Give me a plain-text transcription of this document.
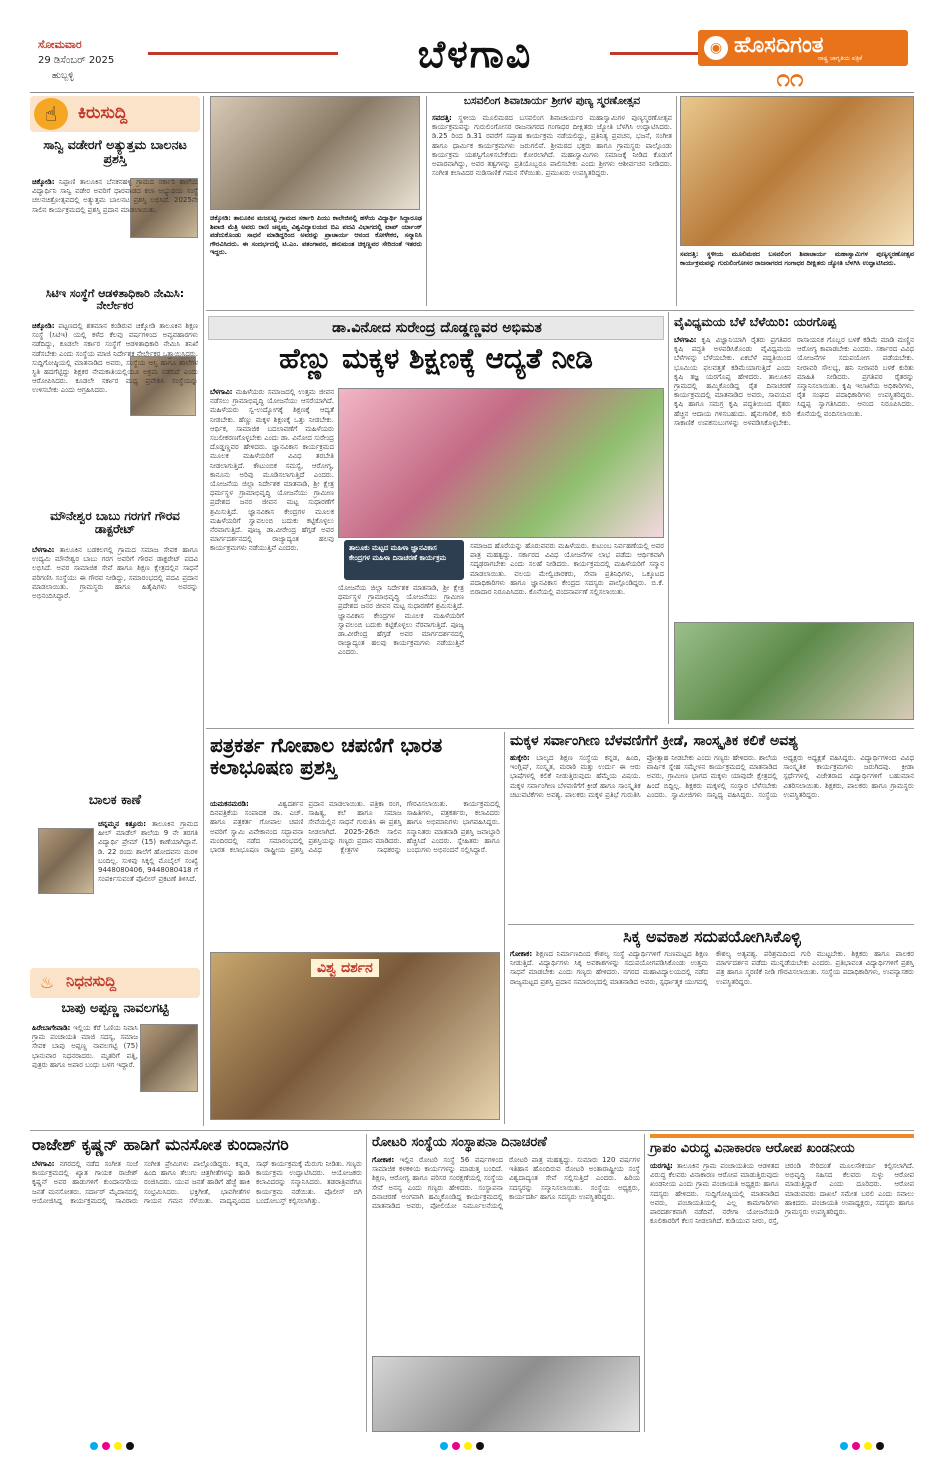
ಸೋಮವಾರ
29 ಡಿಸೆಂಬರ್ 2025
ಹುಬ್ಬಳ್ಳಿ	ಬೆಳಗಾವಿ	◉ ಹೊಸದಿಗಂತ
ರಾಷ್ಟ್ರ ಜಾಗೃತಿಯ ಪತ್ರಿಕೆ
೧೧
☝	ಕಿರುಸುದ್ದಿ
ಸಾನ್ವಿ ವಡೇರಗೆ ಅತ್ಯುತ್ತಮ ಬಾಲನಟ ಪ್ರಶಸ್ತಿ
ಚಿಕ್ಕೋಡಿ: ನಿಪ್ಪಾಣಿ ತಾಲೂಕಿನ ಬೆನಕನಹಳ್ಳಿ ಗ್ರಾಮದ ಸರ್ಕಾರಿ ಶಾಲೆಯ ವಿದ್ಯಾರ್ಥಿನಿ ಸಾನ್ವಿ ವಡೇರ ಅವರಿಗೆ ಧಾರವಾಡದ ಕಲಾ ಅಭ್ಯುದಯ ಸಂಸ್ಥೆ ಚಲನಚಿತ್ರೋತ್ಸವದಲ್ಲಿ ಅತ್ಯುತ್ತಮ ಬಾಲನಟ ಪ್ರಶಸ್ತಿ ಲಭಿಸಿದೆ. 2025ನೇ ಸಾಲಿನ ಕಾರ್ಯಕ್ರಮದಲ್ಲಿ ಪ್ರಶಸ್ತಿ ಪ್ರದಾನ ಮಾಡಲಾಯಿತು.
ಸಿಟಿಇ ಸಂಸ್ಥೆಗೆ ಆಡಳಿತಾಧಿಕಾರಿ ನೇಮಿಸಿ: ನೇರ್ಲೇಕರ
ಚಿಕ್ಕೋಡಿ: ಪಟ್ಟಣದಲ್ಲಿ ಶತಮಾನ ಕಂಡಿರುವ ಚಿಕ್ಕೋಡಿ ತಾಲೂಕಿನ ಶಿಕ್ಷಣ ಸಂಸ್ಥೆ (ಸಿಟಿಇ) ಯಲ್ಲಿ ಕಳೆದ ಕೆಲವು ವರ್ಷಗಳಿಂದ ಅವ್ಯವಹಾರಗಳು ನಡೆದಿದ್ದು, ಕೂಡಲೇ ಸರ್ಕಾರ ಸಂಸ್ಥೆಗೆ ಆಡಳಿತಾಧಿಕಾರಿ ನೇಮಿಸಿ ತನಿಖೆ ನಡೆಸಬೇಕು ಎಂದು ಸಂಸ್ಥೆಯ ಮಾಜಿ ನಿರ್ದೇಶಕ ನೇರ್ಲೇಕರ ಒತ್ತಾಯಿಸಿದರು. ಸುದ್ದಿಗೋಷ್ಠಿಯಲ್ಲಿ ಮಾತನಾಡಿದ ಅವರು, ಸಂಸ್ಥೆಯ ಆಸ್ತಿ ಹಾಗೂ ಶಾಲೆಗಳ ಸ್ಥಿತಿ ಹದಗೆಟ್ಟಿದ್ದು ಶಿಕ್ಷಕರ ನೇಮಕಾತಿಯಲ್ಲಿಯೂ ಅಕ್ರಮ ನಡೆದಿದೆ ಎಂದು ಆರೋಪಿಸಿದರು. ಕೂಡಲೇ ಸರ್ಕಾರ ಮಧ್ಯ ಪ್ರವೇಶಿಸಿ ಸಂಸ್ಥೆಯನ್ನು ಉಳಿಸಬೇಕು ಎಂದು ಆಗ್ರಹಿಸಿದರು.
ಮೌನೇಶ್ವರ ಬಾಬು ಗರಗಗೆ ಗೌರವ ಡಾಕ್ಟರೇಟ್
ಬೆಳಗಾವಿ: ತಾಲೂಕಿನ ಬಡಕಲಗಲ್ಲಿ ಗ್ರಾಮದ ಸಮಾಜ ಸೇವಕ ಹಾಗೂ ಉದ್ಯಮಿ ಮೌನೇಶ್ವರ ಬಾಬು ಗರಗ ಅವರಿಗೆ ಗೌರವ ಡಾಕ್ಟರೇಟ್ ಪದವಿ ಲಭಿಸಿದೆ. ಅವರ ಸಾಮಾಜಿಕ ಸೇವೆ ಹಾಗೂ ಶಿಕ್ಷಣ ಕ್ಷೇತ್ರದಲ್ಲಿನ ಸಾಧನೆ ಪರಿಗಣಿಸಿ ಸಂಸ್ಥೆಯು ಈ ಗೌರವ ನೀಡಿದ್ದು, ಸಮಾರಂಭದಲ್ಲಿ ಪದವಿ ಪ್ರದಾನ ಮಾಡಲಾಯಿತು. ಗ್ರಾಮಸ್ಥರು ಹಾಗೂ ಹಿತೈಷಿಗಳು ಅವರನ್ನು ಅಭಿನಂದಿಸಿದ್ದಾರೆ.
ಬಾಲಕ ಕಾಣೆ
ಚನ್ನಮ್ಮನ ಕಿತ್ತೂರು: ತಾಲೂಕಿನ ಗ್ರಾಮದ ಹೀಲ್ ಮಾಡೆಲ್ ಶಾಲೆಯ 9 ನೇ ತರಗತಿ ವಿದ್ಯಾರ್ಥಿ ಪ್ರೇಮ್ (15) ಕಾಣೆಯಾಗಿದ್ದಾನೆ. ಡಿ. 22 ರಂದು ಶಾಲೆಗೆ ಹೋದವನು ಮರಳಿ ಬಂದಿಲ್ಲ. ಸುಳಿವು ಸಿಕ್ಕಲ್ಲಿ ಮೊಬೈಲ್ ಸಂಖ್ಯೆ 9448080406, 9448080418 ಗೆ ಸಂಪರ್ಕಿಸುವಂತೆ ಪೊಲೀಸ್ ಪ್ರಕಟಣೆ ತಿಳಿಸಿದೆ.
♨ ನಿಧನಸುದ್ದಿ
ಬಾಪು ಅಪ್ಪಣ್ಣ ನಾವಲಗಟ್ಟಿ
ಹಿರೇಬಾಗೇವಾಡಿ: ಇಲ್ಲಿಯ ಕೆರೆ ಓಣಿಯ ನಿವಾಸಿ ಗ್ರಾಮ ಪಂಚಾಯತಿ ಮಾಜಿ ಸದಸ್ಯ, ಸಮಾಜ ಸೇವಕ ಬಾಪು ಅಪ್ಪಣ್ಣ ನಾವಲಗಟ್ಟಿ (75) ಭಾನುವಾರ ನಿಧನರಾದರು. ಮೃತರಿಗೆ ಪತ್ನಿ, ಪುತ್ರರು ಹಾಗೂ ಅಪಾರ ಬಂಧು ಬಳಗ ಇದ್ದಾರೆ.
ಚಿಕ್ಕೋಡಿ: ತಾಲೂಕಿನ ಮಜಲಟ್ಟಿ ಗ್ರಾಮದ ಸರ್ಕಾರಿ ಪಿಯು ಕಾಲೇಜಿನಲ್ಲಿ ಹಳೆಯ ವಿದ್ಯಾರ್ಥಿ ಸಿದ್ದಾರೂಢ ಶಿವಾಜಿ ಮೆತ್ರಿ ಅವರು ರಾಣಿ ಚನ್ನಮ್ಮ ವಿಶ್ವವಿದ್ಯಾಲಯದ ಬಿಎ ಪದವಿ ವಿಭಾಗದಲ್ಲಿ ಟಾಪ್ ರ್ಯಾಂಕ್ ಪಡೆದುಕೊಂಡು ಸಾಧನೆ ಮಾಡಿದ್ದರಿಂದ ಅವರನ್ನು ಪ್ರಾಚಾರ್ಯ ಆನಂದ ಕೋಳೇಕರ, ಸನ್ಮಾನಿಸಿ ಗೌರವಿಸಿದರು. ಈ ಸಂದರ್ಭದಲ್ಲಿ ಟಿ.ಎಂ. ಪತಂಗಾವರ, ಹನುಮಂತ ಚಿಕ್ಕಣ್ಣವರ ಸೇರಿದಂತೆ ಇತರರು ಇದ್ದರು.
ಬಸವಲಿಂಗ ಶಿವಾಚಾರ್ಯ ಶ್ರೀಗಳ ಪುಣ್ಯ ಸ್ಮರಣೋತ್ಸವ
ಸವದತ್ತಿ: ಸ್ಥಳೀಯ ಮೂಲಿಮಠದ ಬಸವಲಿಂಗ ಶಿವಾಚಾರ್ಯರ ಮಹಾಸ್ವಾಮಿಗಳ ಪುಣ್ಯಸ್ಮರಣೋತ್ಸವ ಕಾರ್ಯಕ್ರಮವನ್ನು ಗುರುಲಿಂಗೋಸರ ರಾಜನಾಗರದ ಗಂಗಾಧರ ದೀಕ್ಷಿತರು ಜ್ಯೋತಿ ಬೆಳಗಿಸಿ ಉದ್ಘಾಟಿಸಿದರು. ಡಿ.25 ರಿಂದ ಡಿ.31 ರವರೆಗೆ ಸಪ್ತಾಹ ಕಾರ್ಯಕ್ರಮ ನಡೆಯಲಿದ್ದು, ಪ್ರತಿನಿತ್ಯ ಪ್ರವಚನ, ಭಜನೆ, ಸಂಗೀತ ಹಾಗೂ ಧಾರ್ಮಿಕ ಕಾರ್ಯಕ್ರಮಗಳು ಜರುಗಲಿವೆ. ಶ್ರೀಮಠದ ಭಕ್ತರು ಹಾಗೂ ಗ್ರಾಮಸ್ಥರು ಪಾಲ್ಗೊಂಡು ಕಾರ್ಯಕ್ರಮ ಯಶಸ್ವಿಗೊಳಿಸಬೇಕೆಂದು ಕೋರಲಾಗಿದೆ. ಮಹಾಸ್ವಾಮಿಗಳು ಸಮಾಜಕ್ಕೆ ನೀಡಿದ ಕೊಡುಗೆ ಅಪಾರವಾಗಿದ್ದು, ಅವರ ತತ್ವಗಳನ್ನು ಪ್ರತಿಯೊಬ್ಬರೂ ಪಾಲಿಸಬೇಕು ಎಂದು ಶ್ರೀಗಳು ಆಶೀರ್ವಚನ ನೀಡಿದರು. ಸಂಗೀತ ಕಲಾವಿದರ ನುಡಿಸಾಣಿಕೆ ಗಮನ ಸೆಳೆಯಿತು. ಪ್ರಮುಖರು ಉಪಸ್ಥಿತರಿದ್ದರು.
ಸವದತ್ತಿ: ಸ್ಥಳೀಯ ಮೂಲಿಮಠದ ಬಸವಲಿಂಗ ಶಿವಾಚಾರ್ಯ ಮಹಾಸ್ವಾಮಿಗಳ ಪುಣ್ಯಸ್ಮರಣೋತ್ಸವ ಕಾರ್ಯಕ್ರಮವನ್ನು ಗುರುಲಿಂಗೋಸರ ರಾಜನಾಗರದ ಗಂಗಾಧರ ದೀಕ್ಷಿತರು ಜ್ಯೋತಿ ಬೆಳಗಿಸಿ ಉದ್ಘಾಟಿಸಿದರು.
ಡಾ.ವಿನೋದ ಸುರೇಂದ್ರ ದೊಡ್ಡಣ್ಣವರ ಅಭಿಮತ
ಹೆಣ್ಣು ಮಕ್ಕಳ ಶಿಕ್ಷಣಕ್ಕೆ ಆದ್ಯತೆ ನೀಡಿ
ಬೆಳಗಾವಿ: ಮಹಿಳೆಯರು ಸಮಾಜದಲ್ಲಿ ಉತ್ತಮ ಜೀವನ ನಡೆಸಲು ಗ್ರಾಮಾಭಿವೃದ್ಧಿ ಯೋಜನೆಯು ಆಸರೆಯಾಗಿದೆ. ಮಹಿಳೆಯರು ಸ್ವ-ಉದ್ಯೋಗಕ್ಕೆ ಶಿಕ್ಷಣಕ್ಕೆ ಆದ್ಯತೆ ನೀಡಬೇಕು. ಹೆಣ್ಣು ಮಕ್ಕಳ ಶಿಕ್ಷಣಕ್ಕೆ ಒತ್ತು ನೀಡಬೇಕು. ಆರ್ಥಿಕ, ಸಾಮಾಜಿಕ ಬದಲಾವಣೆಗೆ ಮಹಿಳೆಯರು ಸಬಲೀಕರಣಗೊಳ್ಳಬೇಕು ಎಂದು ಡಾ. ವಿನೋದ ಸುರೇಂದ್ರ ದೊಡ್ಡಣ್ಣವರ ಹೇಳಿದರು. ಜ್ಞಾನವಿಕಾಸ ಕಾರ್ಯಕ್ರಮದ ಮೂಲಕ ಮಹಿಳೆಯರಿಗೆ ವಿವಿಧ ತರಬೇತಿ ನೀಡಲಾಗುತ್ತಿದೆ. ಕೌಟುಂಬಿಕ ಸಮಸ್ಯೆ, ಆರೋಗ್ಯ, ಕಾನೂನು ಅರಿವು ಮೂಡಿಸಲಾಗುತ್ತಿದೆ ಎಂದರು. ಯೋಜನೆಯ ಜಿಲ್ಲಾ ನಿರ್ದೇಶಕ ಮಾತನಾಡಿ, ಶ್ರೀ ಕ್ಷೇತ್ರ ಧರ್ಮಸ್ಥಳ ಗ್ರಾಮಾಭಿವೃದ್ಧಿ ಯೋಜನೆಯು ಗ್ರಾಮೀಣ ಪ್ರದೇಶದ ಜನರ ಜೀವನ ಮಟ್ಟ ಸುಧಾರಣೆಗೆ ಶ್ರಮಿಸುತ್ತಿದೆ. ಜ್ಞಾನವಿಕಾಸ ಕೇಂದ್ರಗಳ ಮೂಲಕ ಮಹಿಳೆಯರಿಗೆ ಸ್ವಾವಲಂಬಿ ಬದುಕು ಕಟ್ಟಿಕೊಳ್ಳಲು ನೆರವಾಗುತ್ತಿದೆ. ಪೂಜ್ಯ ಡಾ.ವೀರೇಂದ್ರ ಹೆಗ್ಗಡೆ ಅವರ ಮಾರ್ಗದರ್ಶನದಲ್ಲಿ ರಾಜ್ಯಾದ್ಯಂತ ಹಲವು ಕಾರ್ಯಕ್ರಮಗಳು ನಡೆಯುತ್ತಿವೆ ಎಂದರು.	ತಾಲೂಕು ಮಟ್ಟದ ಮಹಿಳಾ ಜ್ಞಾನವಿಕಾಸ ಕೇಂದ್ರಗಳ ಮಹಿಳಾ ದಿನಾಚರಣೆ ಕಾರ್ಯಕ್ರಮ
ಸಮಾಜದ ಹೊರೆಯನ್ನು ಹೊರುವವರು ಮಹಿಳೆಯರು. ಕುಟುಂಬ ನಿರ್ವಹಣೆಯಲ್ಲಿ ಅವರ ಪಾತ್ರ ಮಹತ್ವದ್ದು. ಸರ್ಕಾರದ ವಿವಿಧ ಯೋಜನೆಗಳ ಲಾಭ ಪಡೆದು ಆರ್ಥಿಕವಾಗಿ ಸದೃಢರಾಗಬೇಕು ಎಂದು ಸಲಹೆ ನೀಡಿದರು. ಕಾರ್ಯಕ್ರಮದಲ್ಲಿ ಮಹಿಳೆಯರಿಗೆ ಸನ್ಮಾನ ಮಾಡಲಾಯಿತು. ವಲಯ ಮೇಲ್ವಿಚಾರಕರು, ಸೇವಾ ಪ್ರತಿನಿಧಿಗಳು, ಒಕ್ಕೂಟದ ಪದಾಧಿಕಾರಿಗಳು ಹಾಗೂ ಜ್ಞಾನವಿಕಾಸ ಕೇಂದ್ರದ ಸದಸ್ಯರು ಪಾಲ್ಗೊಂಡಿದ್ದರು. ಬಿ.ಕೆ. ಬಿರಾದಾರ ನಿರೂಪಿಸಿದರು. ಕೊನೆಯಲ್ಲಿ ವಂದನಾರ್ಪಣೆ ಸಲ್ಲಿಸಲಾಯಿತು.
ಯೋಜನೆಯ ಜಿಲ್ಲಾ ನಿರ್ದೇಶಕ ಮಾತನಾಡಿ, ಶ್ರೀ ಕ್ಷೇತ್ರ ಧರ್ಮಸ್ಥಳ ಗ್ರಾಮಾಭಿವೃದ್ಧಿ ಯೋಜನೆಯು ಗ್ರಾಮೀಣ ಪ್ರದೇಶದ ಜನರ ಜೀವನ ಮಟ್ಟ ಸುಧಾರಣೆಗೆ ಶ್ರಮಿಸುತ್ತಿದೆ. ಜ್ಞಾನವಿಕಾಸ ಕೇಂದ್ರಗಳ ಮೂಲಕ ಮಹಿಳೆಯರಿಗೆ ಸ್ವಾವಲಂಬಿ ಬದುಕು ಕಟ್ಟಿಕೊಳ್ಳಲು ನೆರವಾಗುತ್ತಿದೆ. ಪೂಜ್ಯ ಡಾ.ವೀರೇಂದ್ರ ಹೆಗ್ಗಡೆ ಅವರ ಮಾರ್ಗದರ್ಶನದಲ್ಲಿ ರಾಜ್ಯಾದ್ಯಂತ ಹಲವು ಕಾರ್ಯಕ್ರಮಗಳು ನಡೆಯುತ್ತಿವೆ ಎಂದರು.
ವೈವಿಧ್ಯಮಯ ಬೆಳೆ ಬೆಳೆಯಿರಿ: ಯರಗೊಪ್ಪ
ಬೆಳಗಾವಿ: ಕೃಷಿ ವಿಜ್ಞಾನಿಯಾಗಿ ರೈತರು ಪ್ರಗತಿಪರ ಕೃಷಿ ಪದ್ಧತಿ ಅಳವಡಿಸಿಕೊಂಡು ವೈವಿಧ್ಯಮಯ ಬೆಳೆಗಳನ್ನು ಬೆಳೆಯಬೇಕು. ಏಕಬೆಳೆ ಪದ್ಧತಿಯಿಂದ ಭೂಮಿಯ ಫಲವತ್ತತೆ ಕಡಿಮೆಯಾಗುತ್ತಿದೆ ಎಂದು ಕೃಷಿ ತಜ್ಞ ಯರಗೊಪ್ಪ ಹೇಳಿದರು. ತಾಲೂಕಿನ ಗ್ರಾಮದಲ್ಲಿ ಹಮ್ಮಿಕೊಂಡಿದ್ದ ರೈತ ದಿನಾಚರಣೆ ಕಾರ್ಯಕ್ರಮದಲ್ಲಿ ಮಾತನಾಡಿದ ಅವರು, ಸಾವಯವ ಕೃಷಿ ಹಾಗೂ ಸಮಗ್ರ ಕೃಷಿ ಪದ್ಧತಿಯಿಂದ ರೈತರು ಹೆಚ್ಚಿನ ಆದಾಯ ಗಳಿಸಬಹುದು. ಹೈನುಗಾರಿಕೆ, ಕುರಿ ಸಾಕಾಣಿಕೆ ಉಪಕಸುಬುಗಳನ್ನು ಅಳವಡಿಸಿಕೊಳ್ಳಬೇಕು. ರಾಸಾಯನಿಕ ಗೊಬ್ಬರ ಬಳಕೆ ಕಡಿಮೆ ಮಾಡಿ ಮಣ್ಣಿನ ಆರೋಗ್ಯ ಕಾಪಾಡಬೇಕು ಎಂದರು. ಸರ್ಕಾರದ ವಿವಿಧ ಯೋಜನೆಗಳ ಸದುಪಯೋಗ ಪಡೆಯಬೇಕು. ನೀರಾವರಿ ಸೌಲಭ್ಯ, ಹನಿ ನೀರಾವರಿ ಬಳಕೆ ಕುರಿತು ಮಾಹಿತಿ ನೀಡಿದರು. ಪ್ರಗತಿಪರ ರೈತರನ್ನು ಸನ್ಮಾನಿಸಲಾಯಿತು. ಕೃಷಿ ಇಲಾಖೆಯ ಅಧಿಕಾರಿಗಳು, ರೈತ ಸಂಘದ ಪದಾಧಿಕಾರಿಗಳು ಉಪಸ್ಥಿತರಿದ್ದರು. ಸಿದ್ದಪ್ಪ ಸ್ವಾಗತಿಸಿದರು. ಆನಂದ ನಿರೂಪಿಸಿದರು. ಕೊನೆಯಲ್ಲಿ ವಂದಿಸಲಾಯಿತು.
ಪತ್ರಕರ್ತ ಗೋಪಾಲ ಚಪಣಿಗೆ ಭಾರತ ಕಲಾಭೂಷಣ ಪ್ರಶಸ್ತಿ
ಯಮಕನಮರಡಿ:	ವಿಶ್ವದರ್ಶನ ದಿನಪತ್ರಿಕೆಯ ಸಂಪಾದಕ ಡಾ. ಎಚ್. ಹಾಗೂ ಪತ್ರಕರ್ತ ಗೋಪಾಲ ಚಪಣಿ ಅವರಿಗೆ ಸ್ವಾಮಿ ವಿವೇಕಾನಂದ ಸದ್ಭಾವನಾ ಮಂದಿರದಲ್ಲಿ ನಡೆದ ಸಮಾರಂಭದಲ್ಲಿ ಭಾರತ ಕಲಾಭೂಷಣ ರಾಷ್ಟ್ರೀಯ ಪ್ರಶಸ್ತಿ ಪ್ರದಾನ ಮಾಡಲಾಯಿತು. ಪತ್ರಿಕಾ ರಂಗ, ಸಾಹಿತ್ಯ, ಕಲೆ ಹಾಗೂ ಸಮಾಜ ಸೇವೆಯಲ್ಲಿನ ಸಾಧನೆ ಗುರುತಿಸಿ ಈ ಪ್ರಶಸ್ತಿ ನೀಡಲಾಗಿದೆ. 2025-26ನೇ ಸಾಲಿನ ಪ್ರಶಸ್ತಿಯನ್ನು ಗಣ್ಯರು ಪ್ರದಾನ ಮಾಡಿದರು. ವಿವಿಧ ಕ್ಷೇತ್ರಗಳ ಸಾಧಕರನ್ನು ಗೌರವಿಸಲಾಯಿತು. ಕಾರ್ಯಕ್ರಮದಲ್ಲಿ ಸಾಹಿತಿಗಳು, ಪತ್ರಕರ್ತರು, ಕಲಾವಿದರು ಹಾಗೂ ಅಭಿಮಾನಿಗಳು ಭಾಗವಹಿಸಿದ್ದರು. ಸನ್ಮಾನಿತರು ಮಾತನಾಡಿ ಪ್ರಶಸ್ತಿ ಜವಾಬ್ದಾರಿ ಹೆಚ್ಚಿಸಿದೆ ಎಂದರು. ಸ್ನೇಹಿತರು ಹಾಗೂ ಬಂಧುಗಳು ಅಭಿನಂದನೆ ಸಲ್ಲಿಸಿದ್ದಾರೆ.
ವಿಶ್ವ ದರ್ಶನ
ಮಕ್ಕಳ ಸರ್ವಾಂಗೀಣ ಬೆಳವಣಿಗೆಗೆ ಕ್ರೀಡೆ, ಸಾಂಸ್ಕೃತಿಕ ಕಲಿಕೆ ಅವಶ್ಯ
ಹುಕ್ಕೇರಿ: ಬಾಲ್ಯದ ಶಿಕ್ಷಣ ಸಂಸ್ಥೆಯ ಕನ್ನಡ, ಹಿಂದಿ, ಇಂಗ್ಲಿಷ್, ಸಂಸ್ಕೃತ, ಮರಾಠಿ ಮತ್ತು ಉರ್ದು ಈ ಆರು ಭಾಷೆಗಳಲ್ಲಿ ಕಲಿಕೆ ನೀಡುತ್ತಿರುವುದು ಹೆಮ್ಮೆಯ ವಿಷಯ. ಮಕ್ಕಳ ಸರ್ವಾಂಗೀಣ ಬೆಳವಣಿಗೆಗೆ ಕ್ರೀಡೆ ಹಾಗೂ ಸಾಂಸ್ಕೃತಿಕ ಚಟುವಟಿಕೆಗಳು ಅವಶ್ಯ. ಪಾಲಕರು ಮಕ್ಕಳ ಪ್ರತಿಭೆ ಗುರುತಿಸಿ ಪ್ರೋತ್ಸಾಹ ನೀಡಬೇಕು ಎಂದು ಗಣ್ಯರು ಹೇಳಿದರು. ಶಾಲೆಯ ವಾರ್ಷಿಕ ಸ್ನೇಹ ಸಮ್ಮೇಳನ ಕಾರ್ಯಕ್ರಮದಲ್ಲಿ ಮಾತನಾಡಿದ ಅವರು, ಗ್ರಾಮೀಣ ಭಾಗದ ಮಕ್ಕಳು ಯಾವುದೇ ಕ್ಷೇತ್ರದಲ್ಲಿ ಹಿಂದೆ ಬಿದ್ದಿಲ್ಲ. ಶಿಕ್ಷಕರು ಮಕ್ಕಳಲ್ಲಿ ಸಂಸ್ಕಾರ ಬೆಳೆಸಬೇಕು ಎಂದರು. ಸ್ವಾಮೀಜಿಗಳು ಸಾನ್ನಿಧ್ಯ ವಹಿಸಿದ್ದರು. ಸಂಸ್ಥೆಯ ಅಧ್ಯಕ್ಷರು ಅಧ್ಯಕ್ಷತೆ ವಹಿಸಿದ್ದರು. ವಿದ್ಯಾರ್ಥಿಗಳಿಂದ ವಿವಿಧ ಸಾಂಸ್ಕೃತಿಕ ಕಾರ್ಯಕ್ರಮಗಳು ಜರುಗಿದವು. ಕ್ರೀಡಾ ಸ್ಪರ್ಧೆಗಳಲ್ಲಿ ವಿಜೇತರಾದ ವಿದ್ಯಾರ್ಥಿಗಳಿಗೆ ಬಹುಮಾನ ವಿತರಿಸಲಾಯಿತು. ಶಿಕ್ಷಕರು, ಪಾಲಕರು ಹಾಗೂ ಗ್ರಾಮಸ್ಥರು ಉಪಸ್ಥಿತರಿದ್ದರು.
ಸಿಕ್ಕ ಅವಕಾಶ ಸದುಪಯೋಗಿಸಿಕೊಳ್ಳಿ
ಗೋಕಾಕ: ಶಿಕ್ಷಣದ ನಿರ್ಮಾಣದಿಂದ ಕೌಶಲ್ಯ ಸಂಸ್ಥೆ ವಿದ್ಯಾರ್ಥಿಗಳಿಗೆ ಗುಣಮಟ್ಟದ ಶಿಕ್ಷಣ ನೀಡುತ್ತಿದೆ. ವಿದ್ಯಾರ್ಥಿಗಳು ಸಿಕ್ಕ ಅವಕಾಶಗಳನ್ನು ಸದುಪಯೋಗಪಡಿಸಿಕೊಂಡು ಉತ್ತಮ ಸಾಧನೆ ಮಾಡಬೇಕು ಎಂದು ಗಣ್ಯರು ಹೇಳಿದರು. ನಗರದ ಮಹಾವಿದ್ಯಾಲಯದಲ್ಲಿ ನಡೆದ ರಾಜ್ಯಮಟ್ಟದ ಪ್ರಶಸ್ತಿ ಪ್ರದಾನ ಸಮಾರಂಭದಲ್ಲಿ ಮಾತನಾಡಿದ ಅವರು, ಸ್ಪರ್ಧಾತ್ಮಕ ಯುಗದಲ್ಲಿ ಕೌಶಲ್ಯ ಅತ್ಯವಶ್ಯ. ಪರಿಶ್ರಮದಿಂದ ಗುರಿ ಮುಟ್ಟಬೇಕು. ಶಿಕ್ಷಕರು ಹಾಗೂ ಪಾಲಕರ ಮಾರ್ಗದರ್ಶನ ಪಡೆದು ಮುನ್ನಡೆಯಬೇಕು ಎಂದರು. ಪ್ರತಿಭಾವಂತ ವಿದ್ಯಾರ್ಥಿಗಳಿಗೆ ಪ್ರಶಸ್ತಿ ಪತ್ರ ಹಾಗೂ ಸ್ಮರಣಿಕೆ ನೀಡಿ ಗೌರವಿಸಲಾಯಿತು. ಸಂಸ್ಥೆಯ ಪದಾಧಿಕಾರಿಗಳು, ಉಪನ್ಯಾಸಕರು ಉಪಸ್ಥಿತರಿದ್ದರು.
ರಾಜೇಶ್ ಕೃಷ್ಣನ್ ಹಾಡಿಗೆ ಮನಸೋತ ಕುಂದಾನಗರಿ
ಬೆಳಗಾವಿ: ನಗರದಲ್ಲಿ ನಡೆದ ಸಂಗೀತ ಸಂಜೆ ಕಾರ್ಯಕ್ರಮದಲ್ಲಿ ಖ್ಯಾತ ಗಾಯಕ ರಾಜೇಶ್ ಕೃಷ್ಣನ್ ಅವರ ಹಾಡುಗಳಿಗೆ ಕುಂದಾನಗರಿಯ ಜನತೆ ಮನಸೋತರು. ಸರ್ದಾರ್ ಮೈದಾನದಲ್ಲಿ ಆಯೋಜಿಸಿದ್ದ ಕಾರ್ಯಕ್ರಮದಲ್ಲಿ ಸಾವಿರಾರು ಸಂಗೀತ ಪ್ರೇಮಿಗಳು ಪಾಲ್ಗೊಂಡಿದ್ದರು. ಕನ್ನಡ, ಹಿಂದಿ ಹಾಗೂ ತೆಲುಗು ಚಿತ್ರಗೀತೆಗಳನ್ನು ಹಾಡಿ ರಂಜಿಸಿದರು. ಯುವ ಜನತೆ ಹಾಡಿಗೆ ಹೆಜ್ಜೆ ಹಾಕಿ ಸಂಭ್ರಮಿಸಿದರು. ಭಕ್ತಿಗೀತೆ, ಭಾವಗೀತೆಗಳ ಗಾಯನ ಗಮನ ಸೆಳೆಯಿತು. ವಾದ್ಯವೃಂದದ ಸಾಥ್ ಕಾರ್ಯಕ್ರಮಕ್ಕೆ ಮೆರುಗು ನೀಡಿತು. ಗಣ್ಯರು ಕಾರ್ಯಕ್ರಮ ಉದ್ಘಾಟಿಸಿದರು. ಆಯೋಜಕರು ಕಲಾವಿದರನ್ನು ಸನ್ಮಾನಿಸಿದರು. ತಡರಾತ್ರಿವರೆಗೂ ಕಾರ್ಯಕ್ರಮ ನಡೆಯಿತು. ಪೊಲೀಸ್ ಬಿಗಿ ಬಂದೋಬಸ್ತ್ ಕಲ್ಪಿಸಲಾಗಿತ್ತು.
ರೋಟರಿ ಸಂಸ್ಥೆಯ ಸಂಸ್ಥಾಪನಾ ದಿನಾಚರಣೆ
ಗೋಕಾಕ: ಇಲ್ಲಿನ ರೋಟರಿ ಸಂಸ್ಥೆ 56 ವರ್ಷಗಳಿಂದ ಸಾಮಾಜಿಕ ಕಳಕಳಿಯ ಕಾರ್ಯಗಳನ್ನು ಮಾಡುತ್ತ ಬಂದಿದೆ. ಶಿಕ್ಷಣ, ಆರೋಗ್ಯ ಹಾಗೂ ಪರಿಸರ ಸಂರಕ್ಷಣೆಯಲ್ಲಿ ಸಂಸ್ಥೆಯ ಸೇವೆ ಅನನ್ಯ ಎಂದು ಗಣ್ಯರು ಹೇಳಿದರು. ಸಂಸ್ಥಾಪನಾ ದಿನಾಚರಣೆ ಅಂಗವಾಗಿ ಹಮ್ಮಿಕೊಂಡಿದ್ದ ಕಾರ್ಯಕ್ರಮದಲ್ಲಿ ಮಾತನಾಡಿದ ಅವರು, ಪೋಲಿಯೋ ನಿರ್ಮೂಲನೆಯಲ್ಲಿ ರೋಟರಿ ಪಾತ್ರ ಮಹತ್ವದ್ದು. ಸುಮಾರು 120 ವರ್ಷಗಳ ಇತಿಹಾಸ ಹೊಂದಿರುವ ರೋಟರಿ ಅಂತಾರಾಷ್ಟ್ರೀಯ ಸಂಸ್ಥೆ ವಿಶ್ವದಾದ್ಯಂತ ಸೇವೆ ಸಲ್ಲಿಸುತ್ತಿದೆ ಎಂದರು. ಹಿರಿಯ ಸದಸ್ಯರನ್ನು ಸನ್ಮಾನಿಸಲಾಯಿತು. ಸಂಸ್ಥೆಯ ಅಧ್ಯಕ್ಷರು, ಕಾರ್ಯದರ್ಶಿ ಹಾಗೂ ಸದಸ್ಯರು ಉಪಸ್ಥಿತರಿದ್ದರು.
ಗ್ರಾಪಂ ವಿರುದ್ಧ ವಿನಾಕಾರಣ ಆರೋಪ ಖಂಡನೀಯ
ಯರಗಟ್ಟಿ: ತಾಲೂಕಿನ ಗ್ರಾಮ ಪಂಚಾಯತಿಯ ಆಡಳಿತದ ವಿರುದ್ಧ ಕೆಲವರು ವಿನಾಕಾರಣ ಆರೋಪ ಮಾಡುತ್ತಿರುವುದು ಖಂಡನೀಯ ಎಂದು ಗ್ರಾಮ ಪಂಚಾಯತಿ ಅಧ್ಯಕ್ಷರು ಹಾಗೂ ಸದಸ್ಯರು ಹೇಳಿದರು. ಸುದ್ದಿಗೋಷ್ಠಿಯಲ್ಲಿ ಮಾತನಾಡಿದ ಅವರು, ಪಂಚಾಯತಿಯಲ್ಲಿ ಎಲ್ಲ ಕಾಮಗಾರಿಗಳು ಪಾರದರ್ಶಕವಾಗಿ ನಡೆದಿವೆ. ನರೇಗಾ ಯೋಜನೆಯಡಿ ಕೂಲಿಕಾರರಿಗೆ ಕೆಲಸ ನೀಡಲಾಗಿದೆ. ಕುಡಿಯುವ ನೀರು, ರಸ್ತೆ, ಚರಂಡಿ ಸೇರಿದಂತೆ ಮೂಲಸೌಕರ್ಯ ಕಲ್ಪಿಸಲಾಗಿದೆ. ಅಭಿವೃದ್ಧಿ ಸಹಿಸದ ಕೆಲವರು ಸುಳ್ಳು ಆರೋಪ ಮಾಡುತ್ತಿದ್ದಾರೆ ಎಂದು ದೂರಿದರು. ಆರೋಪ ಮಾಡುವವರು ದಾಖಲೆ ಸಮೇತ ಬರಲಿ ಎಂದು ಸವಾಲು ಹಾಕಿದರು. ಪಂಚಾಯತಿ ಉಪಾಧ್ಯಕ್ಷರು, ಸದಸ್ಯರು ಹಾಗೂ ಗ್ರಾಮಸ್ಥರು ಉಪಸ್ಥಿತರಿದ್ದರು.
